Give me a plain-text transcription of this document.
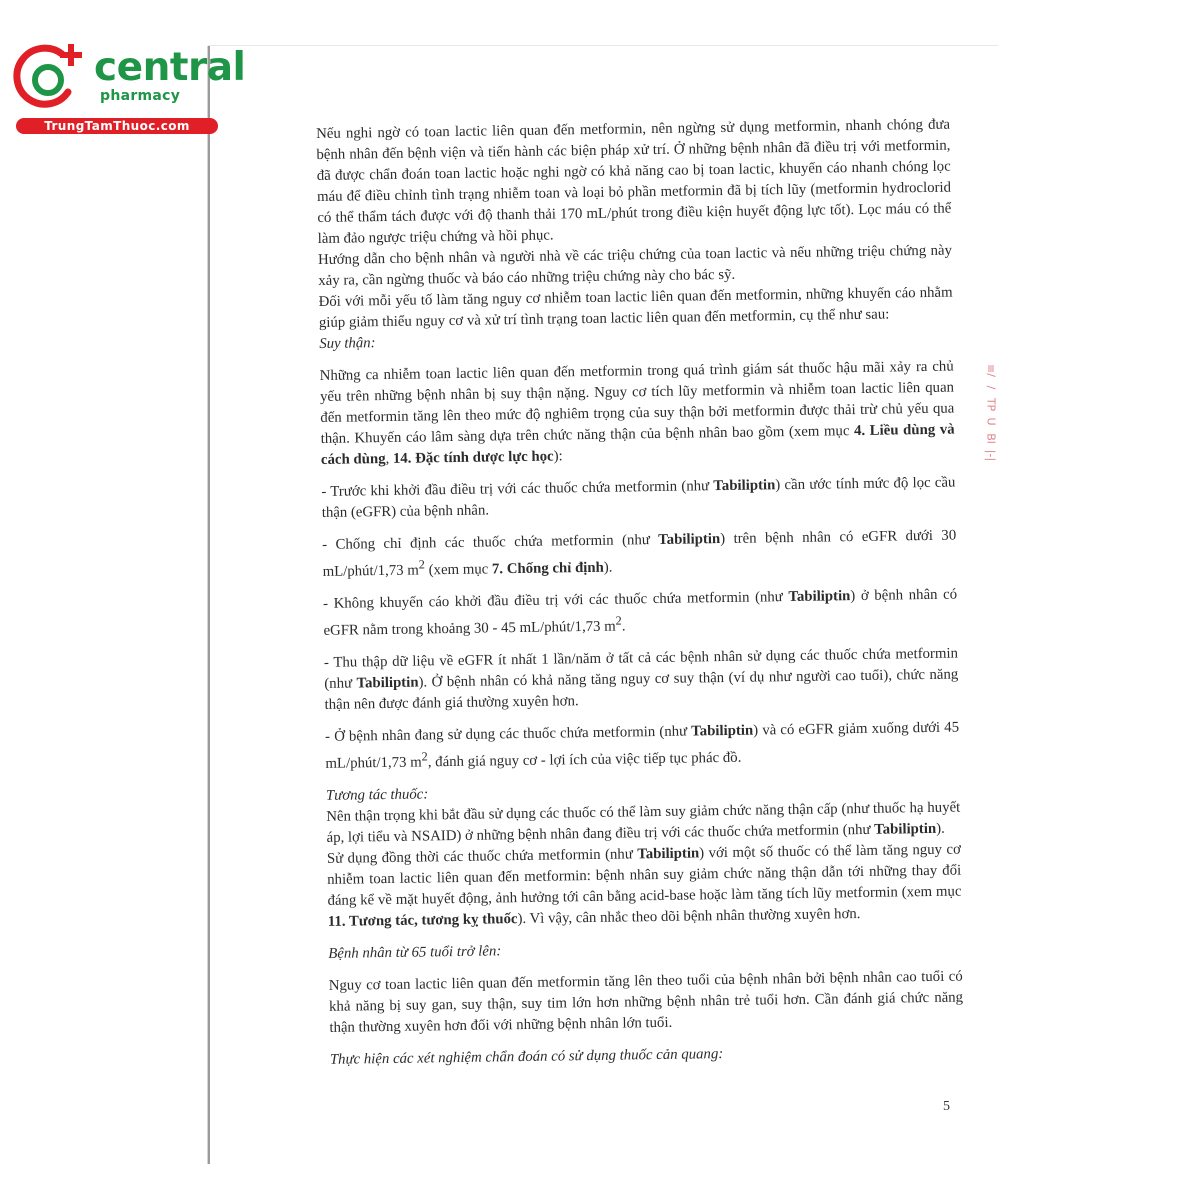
central
pharmacy
TrungTamThuoc.com	Nếu nghi ngờ có toan lactic liên quan đến metformin, nên ngừng sử dụng metformin, nhanh chóng đưa bệnh nhân đến bệnh viện và tiến hành các biện pháp xử trí. Ở những bệnh nhân đã điều trị với metformin, đã được chẩn đoán toan lactic hoặc nghi ngờ có khả năng cao bị toan lactic, khuyến cáo nhanh chóng lọc máu để điều chỉnh tình trạng nhiễm toan và loại bỏ phần metformin đã bị tích lũy (metformin hydroclorid có thể thẩm tách được với độ thanh thải 170 mL/phút trong điều kiện huyết động lực tốt). Lọc máu có thể làm đảo ngược triệu chứng và hồi phục.

Hướng dẫn cho bệnh nhân và người nhà về các triệu chứng của toan lactic và nếu những triệu chứng này xảy ra, cần ngừng thuốc và báo cáo những triệu chứng này cho bác sỹ.

Đối với mỗi yếu tố làm tăng nguy cơ nhiễm toan lactic liên quan đến metformin, những khuyến cáo nhằm giúp giảm thiểu nguy cơ và xử trí tình trạng toan lactic liên quan đến metformin, cụ thể như sau:

Suy thận:

Những ca nhiễm toan lactic liên quan đến metformin trong quá trình giám sát thuốc hậu mãi xảy ra chủ yếu trên những bệnh nhân bị suy thận nặng. Nguy cơ tích lũy metformin và nhiễm toan lactic liên quan đến metformin tăng lên theo mức độ nghiêm trọng của suy thận bởi metformin được thải trừ chủ yếu qua thận. Khuyến cáo lâm sàng dựa trên chức năng thận của bệnh nhân bao gồm (xem mục 4. Liều dùng và cách dùng, 14. Đặc tính dược lực học):

- Trước khi khởi đầu điều trị với các thuốc chứa metformin (như Tabiliptin) cần ước tính mức độ lọc cầu thận (eGFR) của bệnh nhân.

- Chống chỉ định các thuốc chứa metformin (như Tabiliptin) trên bệnh nhân có eGFR dưới 30 mL/phút/1,73 $m^2$ (xem mục 7. Chống chỉ định).

- Không khuyến cáo khởi đầu điều trị với các thuốc chứa metformin (như Tabiliptin) ở bệnh nhân có eGFR nằm trong khoảng 30 - 45 mL/phút/1,73 $m^2$.

- Thu thập dữ liệu về eGFR ít nhất 1 lần/năm ở tất cả các bệnh nhân sử dụng các thuốc chứa metformin (như Tabiliptin). Ở bệnh nhân có khả năng tăng nguy cơ suy thận (ví dụ như người cao tuổi), chức năng thận nên được đánh giá thường xuyên hơn.

- Ở bệnh nhân đang sử dụng các thuốc chứa metformin (như Tabiliptin) và có eGFR giảm xuống dưới 45 mL/phút/1,73 $m^2$, đánh giá nguy cơ - lợi ích của việc tiếp tục phác đồ.

Tương tác thuốc:

Nên thận trọng khi bắt đầu sử dụng các thuốc có thể làm suy giảm chức năng thận cấp (như thuốc hạ huyết áp, lợi tiểu và NSAID) ở những bệnh nhân đang điều trị với các thuốc chứa metformin (như Tabiliptin).

Sử dụng đồng thời các thuốc chứa metformin (như Tabiliptin) với một số thuốc có thể làm tăng nguy cơ nhiễm toan lactic liên quan đến metformin: bệnh nhân suy giảm chức năng thận dẫn tới những thay đổi đáng kể về mặt huyết động, ảnh hưởng tới cân bằng acid-base hoặc làm tăng tích lũy metformin (xem mục 11. Tương tác, tương kỵ thuốc). Vì vậy, cân nhắc theo dõi bệnh nhân thường xuyên hơn.

Bệnh nhân từ 65 tuổi trở lên:

Nguy cơ toan lactic liên quan đến metformin tăng lên theo tuổi của bệnh nhân bởi bệnh nhân cao tuổi có khả năng bị suy gan, suy thận, suy tim lớn hơn những bệnh nhân trẻ tuổi hơn. Cần đánh giá chức năng thận thường xuyên hơn đối với những bệnh nhân lớn tuổi.

Thực hiện các xét nghiệm chẩn đoán có sử dụng thuốc cản quang:

5
≡/
/
TP
U
Bl
|-|
